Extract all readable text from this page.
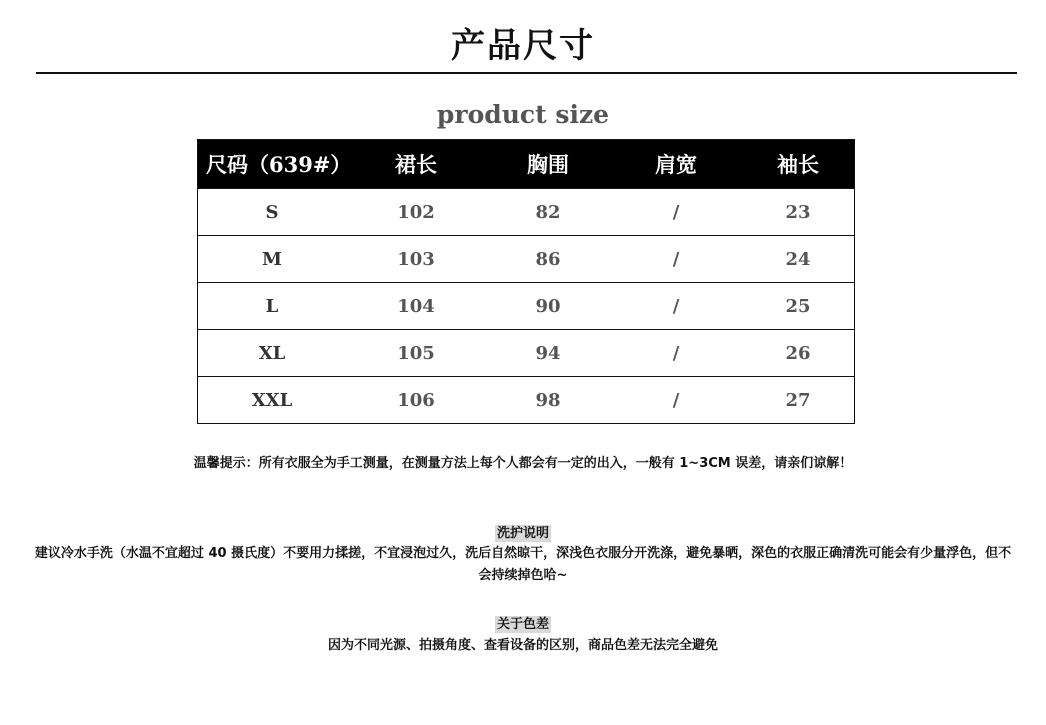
产品尺寸
product size
尺码（639#）	裙长	胸围	肩宽	袖长
S	102	82	/	23
M	103	86	/	24
L	104	90	/	25
XL	105	94	/	26
XXL	106	98	/	27
温馨提示：所有衣服全为手工测量，在测量方法上每个人都会有一定的出入，一般有 1~3CM 误差，请亲们谅解！
洗护说明
建议冷水手洗（水温不宜超过 40 摄氏度）不要用力揉搓，不宜浸泡过久，洗后自然晾干，深浅色衣服分开洗涤，避免暴晒，深色的衣服正确清洗可能会有少量浮色，但不会持续掉色哈~
关于色差
因为不同光源、拍摄角度、查看设备的区别，商品色差无法完全避免
